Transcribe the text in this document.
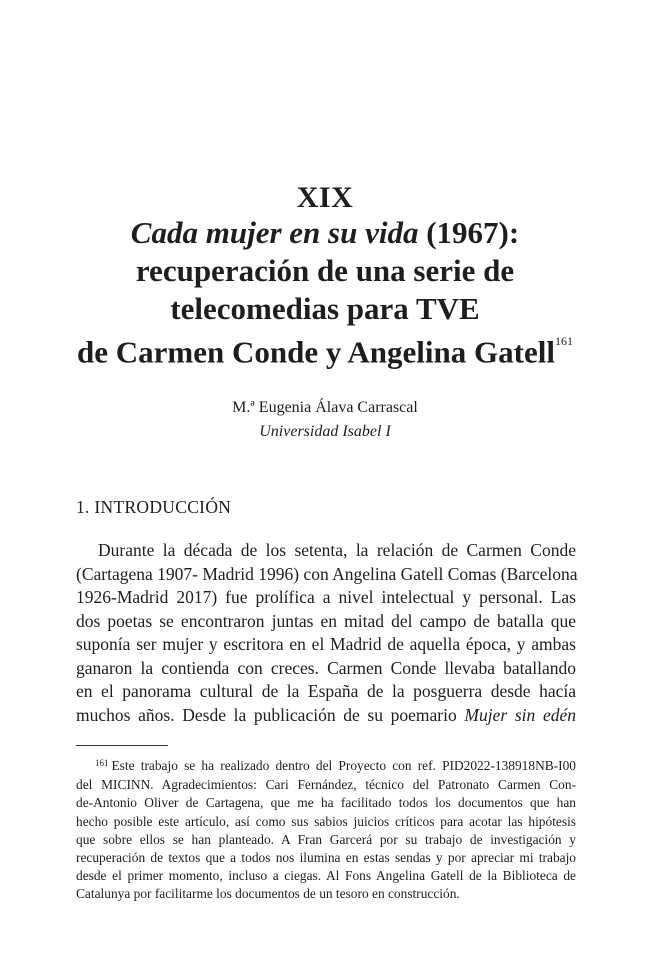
XIX
Cada mujer en su vida (1967):
recuperación de una serie de
telecomedias para TVE
de Carmen Conde y Angelina Gatell$^{161}$
M.ª Eugenia Álava Carrascal
Universidad Isabel I
1. INTRODUCCIÓN
Durante la década de los setenta, la relación de Carmen Conde
(Cartagena 1907- Madrid 1996) con Angelina Gatell Comas (Barcelona
1926-Madrid 2017) fue prolífica a nivel intelectual y personal. Las
dos poetas se encontraron juntas en mitad del campo de batalla que
suponía ser mujer y escritora en el Madrid de aquella época, y ambas
ganaron la contienda con creces. Carmen Conde llevaba batallando
en el panorama cultural de la España de la posguerra desde hacía
muchos años. Desde la publicación de su poemario Mujer sin edén
$^{161}$ Este trabajo se ha realizado dentro del Proyecto con ref. PID2022-138918NB-I00
del MICINN. Agradecimientos: Cari Fernández, técnico del Patronato Carmen Con-
de-Antonio Oliver de Cartagena, que me ha facilitado todos los documentos que han
hecho posible este artículo, así como sus sabios juicios críticos para acotar las hipótesis
que sobre ellos se han planteado. A Fran Garcerá por su trabajo de investigación y
recuperación de textos que a todos nos ilumina en estas sendas y por apreciar mi trabajo
desde el primer momento, incluso a ciegas. Al Fons Angelina Gatell de la Biblioteca de
Catalunya por facilitarme los documentos de un tesoro en construcción.
